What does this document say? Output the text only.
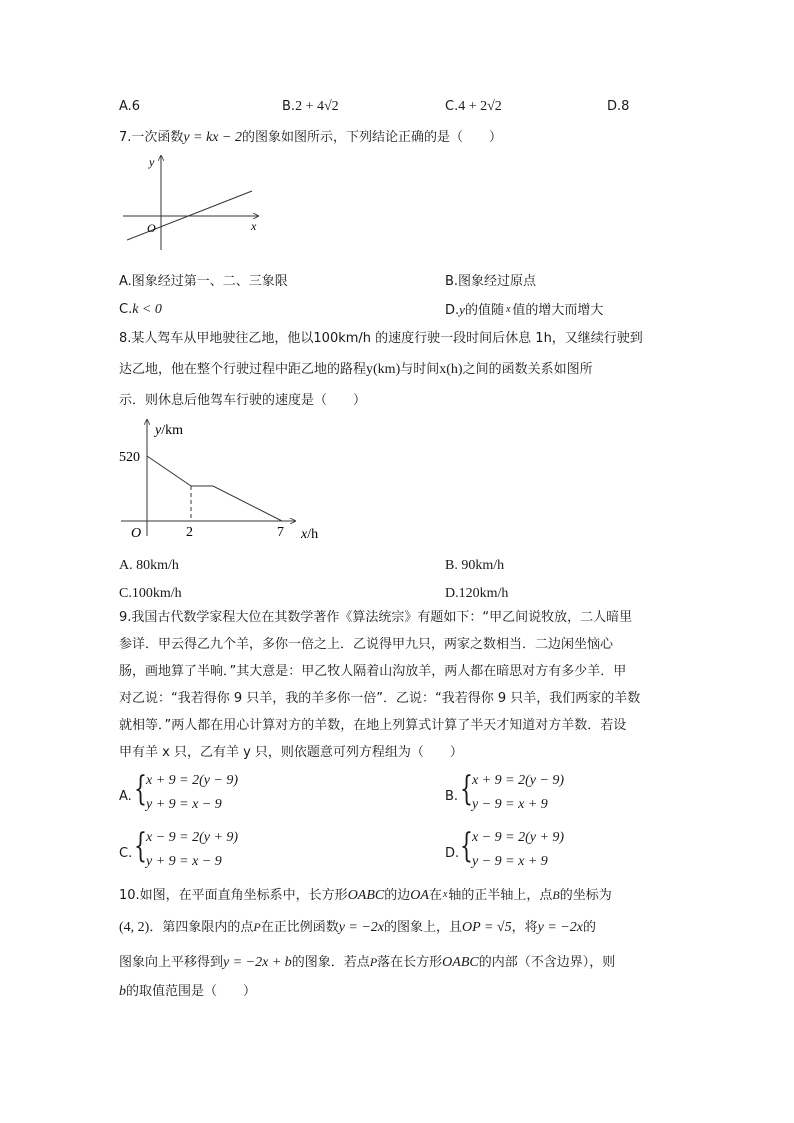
A.6	B.2 + 4√2	C.4 + 2√2	D.8
7.一次函数y = kx − 2的图象如图所示，下列结论正确的是（　　）
y
x
O
A.图象经过第一、二、三象限	B.图象经过原点
C.k < 0	D.y的值随 x 值的增大而增大
8.某人驾车从甲地驶往乙地，他以100km/h 的速度行驶一段时间后休息 1h，又继续行驶到
达乙地，他在整个行驶过程中距乙地的路程y(km)与时间x(h)之间的函数关系如图所
示．则休息后他驾车行驶的速度是（　　）
y/km
x/h
520
O	2	7
A. 80km/h	B. 90km/h
C.100km/h	D.120km/h
9.我国古代数学家程大位在其数学著作《算法统宗》有题如下：“甲乙间说牧放，二人暗里
参详．甲云得乙九个羊，多你一倍之上．乙说得甲九只，两家之数相当．二边闲坐恼心
肠，画地算了半晌．”其大意是：甲乙牧人隔着山沟放羊，两人都在暗思对方有多少羊．甲
对乙说：“我若得你 9 只羊，我的羊多你一倍”．乙说：“我若得你 9 只羊，我们两家的羊数
就相等．”两人都在用心计算对方的羊数，在地上列算式计算了半天才知道对方羊数．若设
甲有羊 x 只，乙有羊 y 只，则依题意可列方程组为（　　）
A. { x + 9 = 2(y − 9)
y + 9 = x − 9
B. { x + 9 = 2(y − 9)
y − 9 = x + 9
C. { x − 9 = 2(y + 9)
y + 9 = x − 9
D. { x − 9 = 2(y + 9)
y − 9 = x + 9
10.如图，在平面直角坐标系中，长方形OABC的边OA在x轴的正半轴上，点B的坐标为
(4, 2)．第四象限内的点P在正比例函数y = −2x的图象上，且OP = √5，将y = −2x的
图象向上平移得到y = −2x + b的图象．若点P落在长方形OABC的内部（不含边界），则
b的取值范围是（　　）
